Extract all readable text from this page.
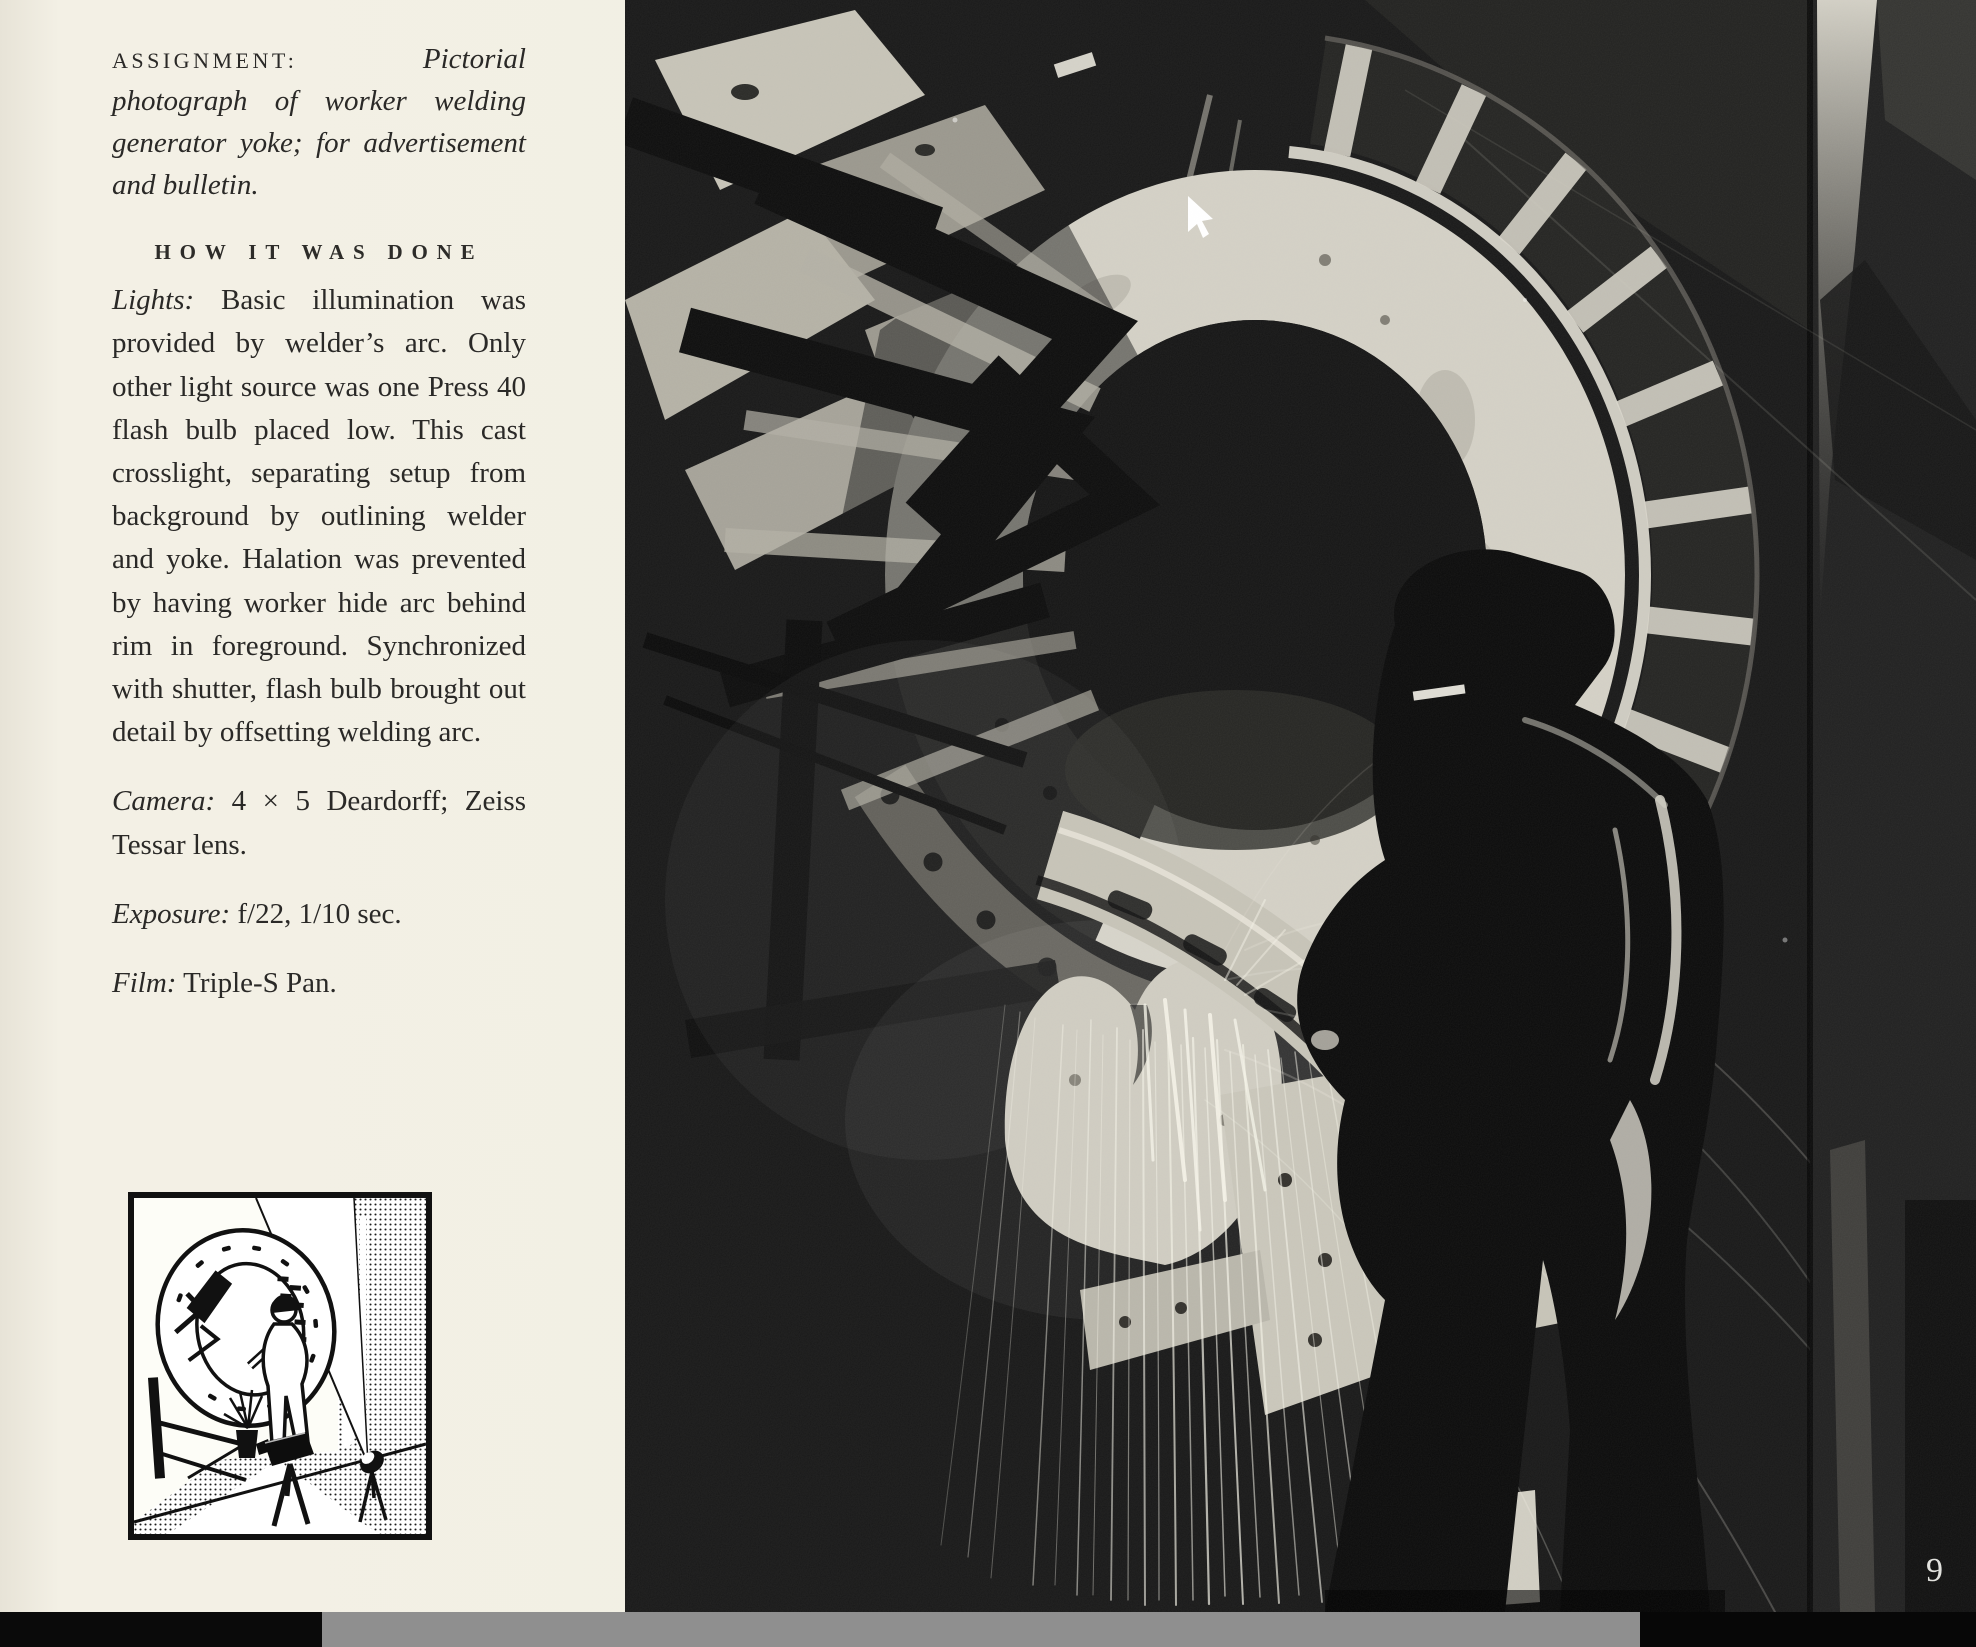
ASSIGNMENT:	Pictorial photograph of worker welding generator yoke; for advertisement and bulletin.

HOW IT WAS DONE

Lights: Basic illumination was provided by welder’s arc. Only other light source was one Press 40 flash bulb placed low. This cast crosslight, separating setup from background by outlining welder and yoke. Halation was prevented by having worker hide arc behind rim in foreground. Synchronized with shutter, flash bulb brought out detail by offsetting welding arc.

Camera: 4 × 5 Deardorff; Zeiss Tessar lens.

Exposure: f/22, 1/10 sec.

Film: Triple-S Pan.

9
